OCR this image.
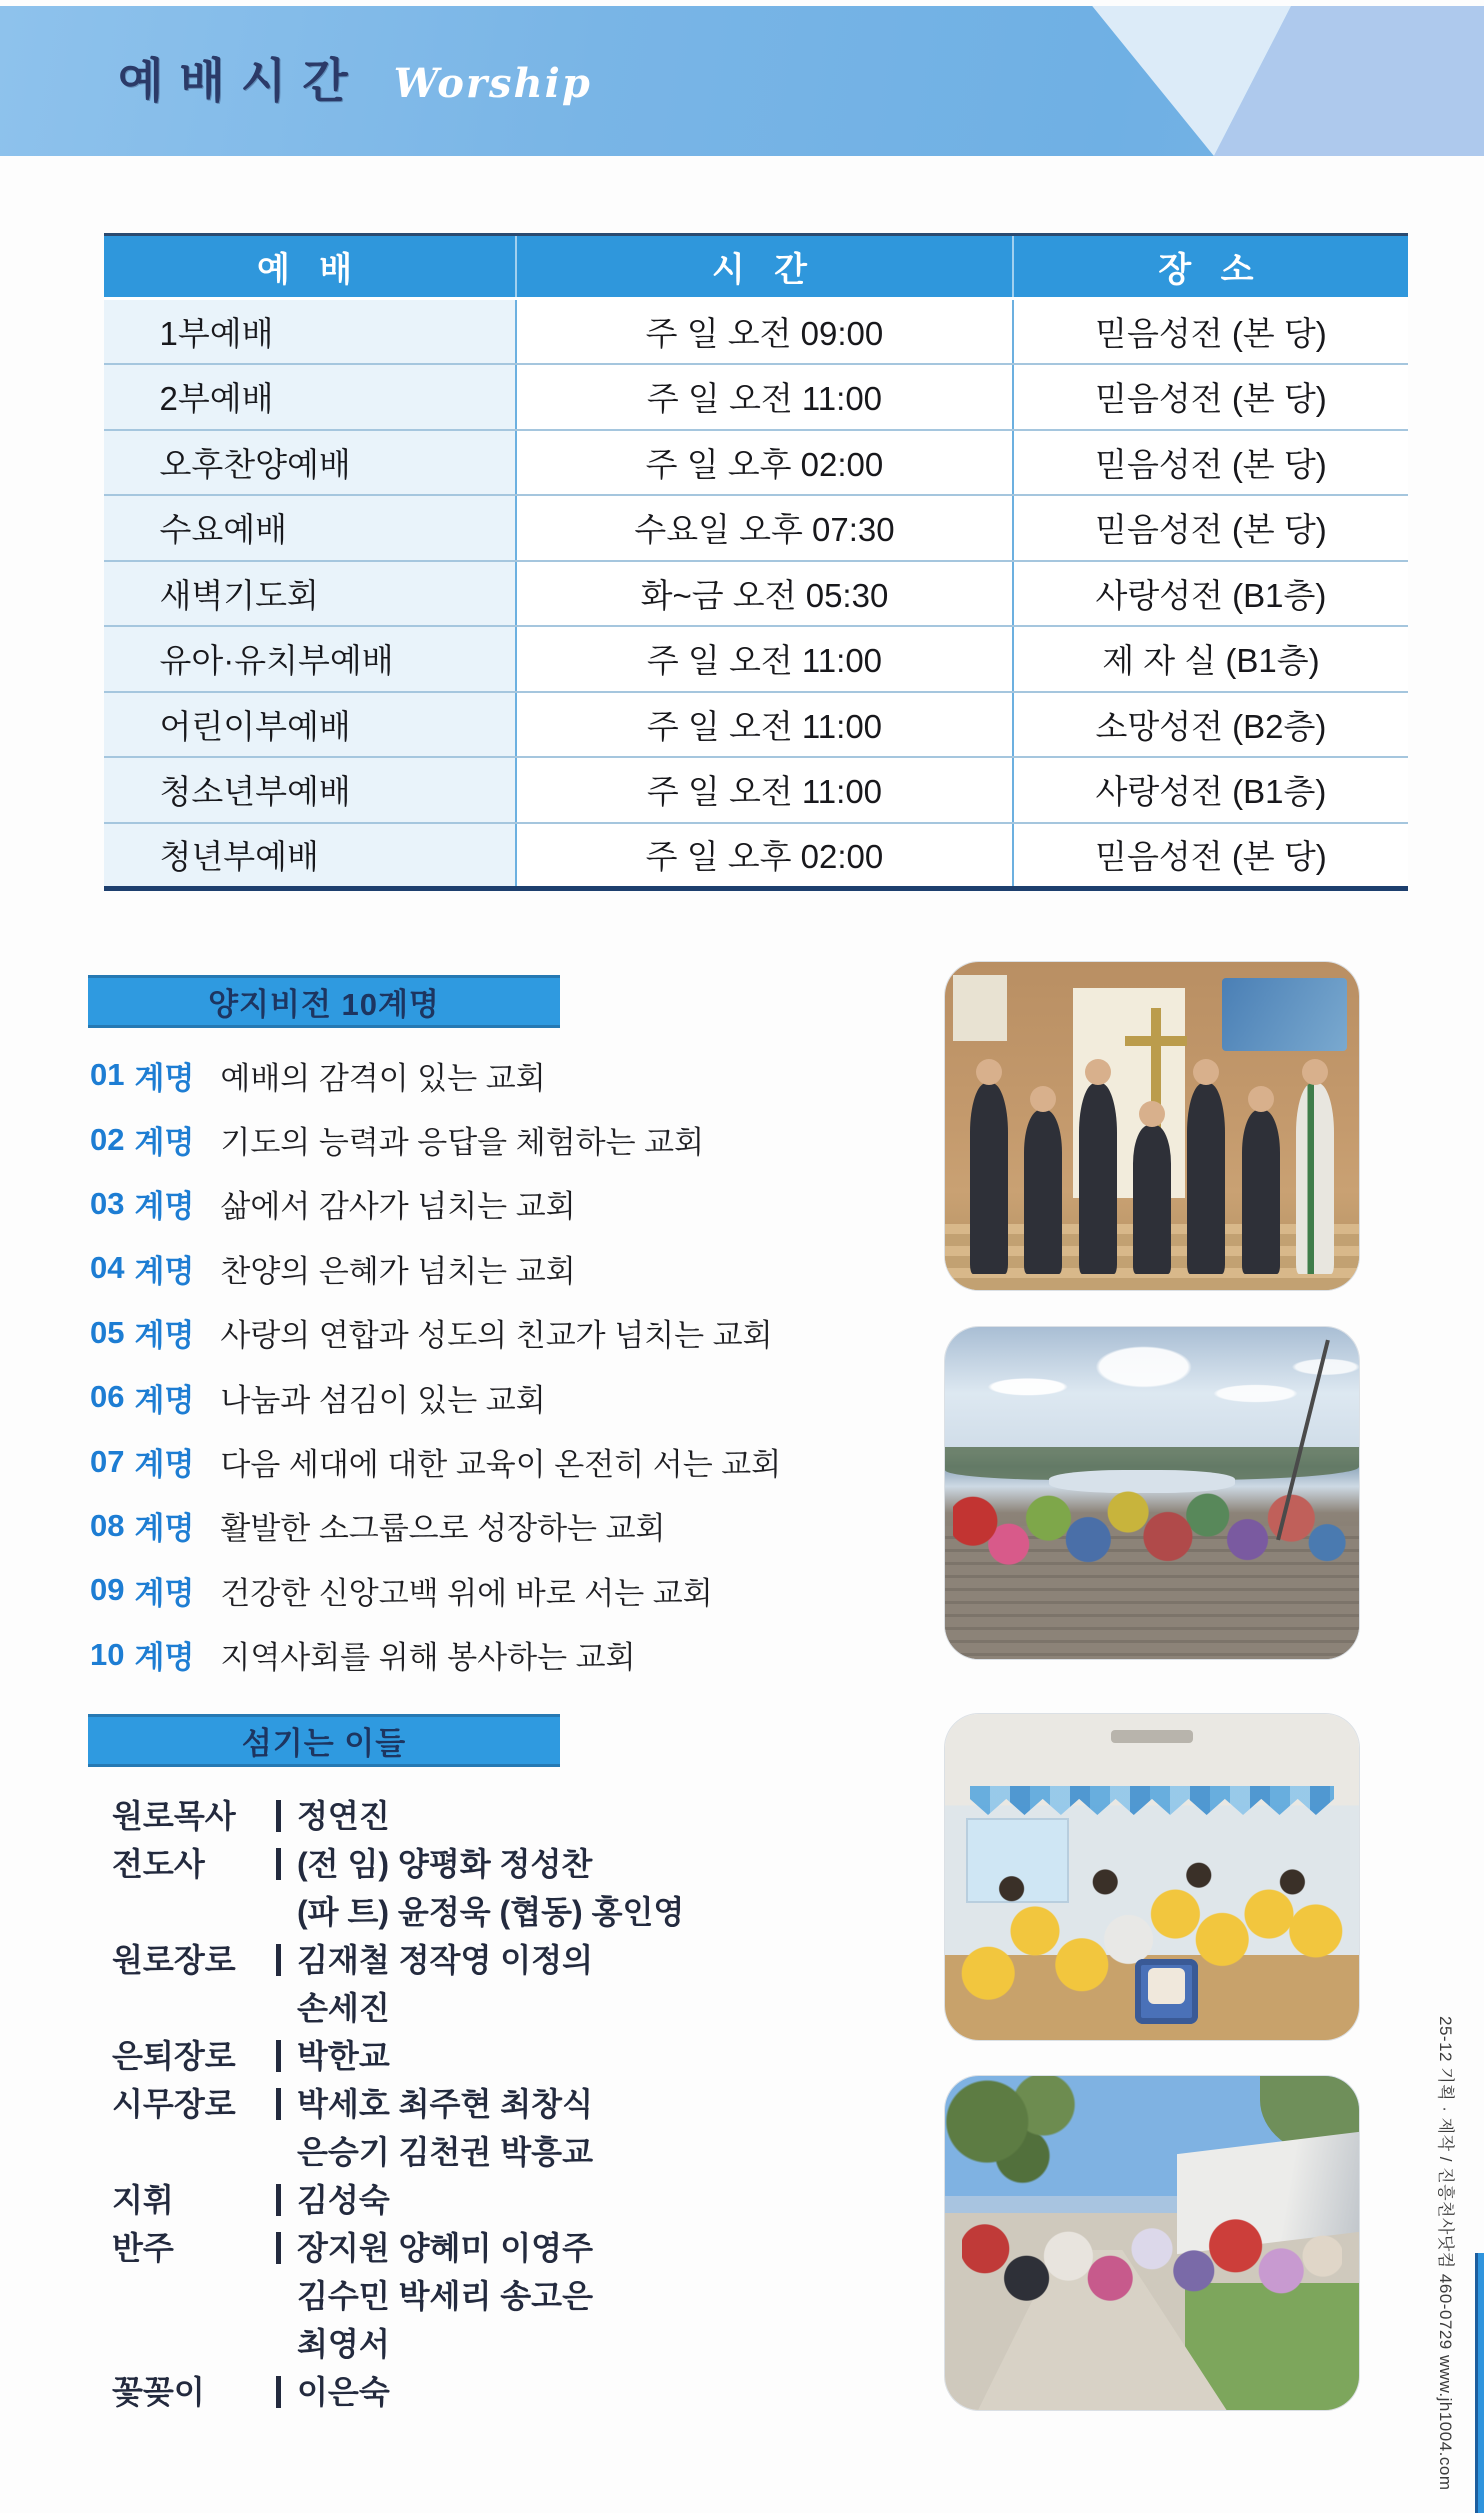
예배시간 Worship
예 배	시 간	장 소
1부예배	주 일 오전 09:00	믿음성전 (본 당)
2부예배	주 일 오전 11:00	믿음성전 (본 당)
오후찬양예배	주 일 오후 02:00	믿음성전 (본 당)
수요예배	수요일 오후 07:30	믿음성전 (본 당)
새벽기도회	화~금 오전 05:30	사랑성전 (B1층)
유아·유치부예배	주 일 오전 11:00	제 자 실 (B1층)
어린이부예배	주 일 오전 11:00	소망성전 (B2층)
청소년부예배	주 일 오전 11:00	사랑성전 (B1층)
청년부예배	주 일 오후 02:00	믿음성전 (본 당)
양지비전 10계명
01 계명 예배의 감격이 있는 교회
02 계명 기도의 능력과 응답을 체험하는 교회
03 계명 삶에서 감사가 넘치는 교회
04 계명 찬양의 은혜가 넘치는 교회
05 계명 사랑의 연합과 성도의 친교가 넘치는 교회
06 계명 나눔과 섬김이 있는 교회
07 계명 다음 세대에 대한 교육이 온전히 서는 교회
08 계명 활발한 소그룹으로 성장하는 교회
09 계명 건강한 신앙고백 위에 바로 서는 교회
10 계명 지역사회를 위해 봉사하는 교회
섬기는 이들
원로목사	정연진
전도사	(전 임) 양평화 정성찬
(파 트) 윤정욱 (협동) 홍인영
원로장로	김재철 정작영 이정의
손세진
은퇴장로	박한교
시무장로	박세호 최주현 최창식
은승기 김천권 박흥교
지휘	김성숙
반주	장지원 양혜미 이영주
김수민 박세리 송고은
최영서
꽃꽂이	이은숙	25-12 기획 · 제작 / 진흥천사닷컴 460-0729 www.jh1004.com
